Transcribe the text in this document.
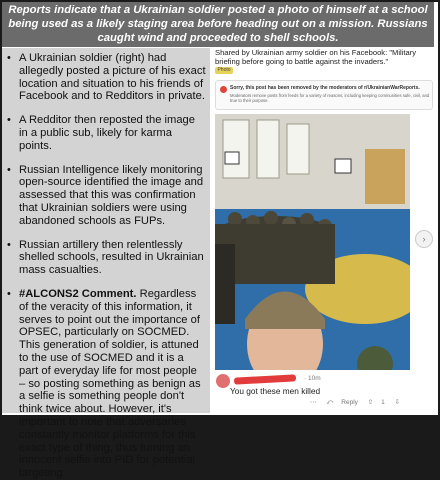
Reports indicate that a Ukrainian soldier posted a photo of himself at a school being used as a likely staging area before heading out on a mission. Russians caught wind and proceeded to shell schools.
• A Ukrainian soldier (right) had allegedly posted a picture of his exact location and situation to his friends of Facebook and to Redditors in private.
• A Redditor then reposted the image in a public sub, likely for karma points.
• Russian Intelligence likely monitoring open-source identified the image and assessed that this was confirmation that Ukrainian soldiers were using abandoned schools as FUPs.
• Russian artillery then relentlessly shelled schools, resulted in Ukrainian mass casualties.
• #ALCONS2 Comment. Regardless of the veracity of this information, it serves to point out the importance of OPSEC, particularly on SOCMED. This generation of soldier, is attuned to the use of SOCMED and it is a part of everyday life for most people – so posting something as benign as a selfie is something people don't think twice about. However, it's important to note that adversaries constantly monitor platforms for this exact type of thing, thus turning an innocent selfie into PID for potential targeting.
Shared by Ukrainian army soldier on his Facebook: "Military briefing before going to battle against the invaders."
Photo
Sorry, this post has been removed by the moderators of r/UkrainianWarReports.
Moderators remove posts from feeds for a variety of reasons, including keeping communities safe, civil, and true to their purpose.
›
· 10m
You got these men killed
⋯ ⤺ Reply ⇧ 1 ⇩
